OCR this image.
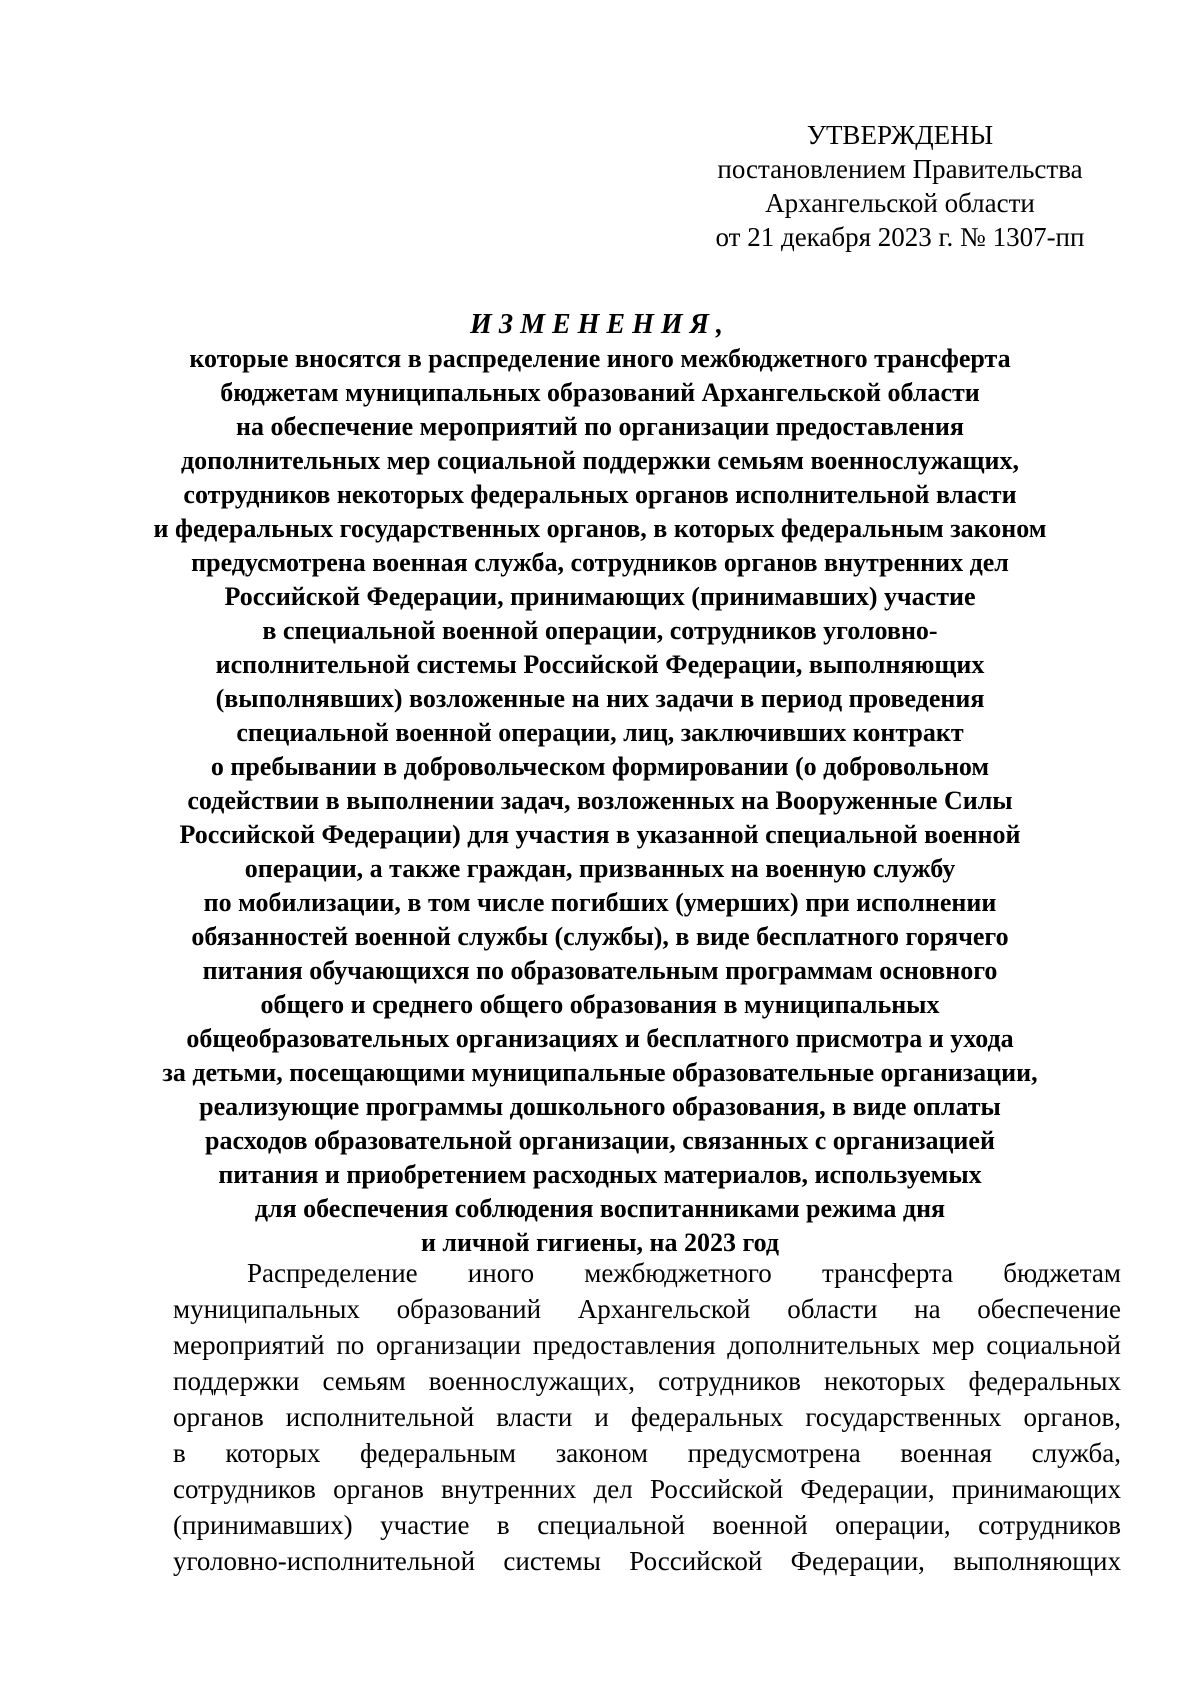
УТВЕРЖДЕНЫ
постановлением Правительства
Архангельской области
от 21 декабря 2023 г. № 1307-пп
ИЗМЕНЕНИЯ,
которые вносятся в распределение иного межбюджетного трансферта
бюджетам муниципальных образований Архангельской области
на обеспечение мероприятий по организации предоставления
дополнительных мер социальной поддержки семьям военнослужащих,
сотрудников некоторых федеральных органов исполнительной власти
и федеральных государственных органов, в которых федеральным законом
предусмотрена военная служба, сотрудников органов внутренних дел
Российской Федерации, принимающих (принимавших) участие
в специальной военной операции, сотрудников уголовно-
исполнительной системы Российской Федерации, выполняющих
(выполнявших) возложенные на них задачи в период проведения
специальной военной операции, лиц, заключивших контракт
о пребывании в добровольческом формировании (о добровольном
содействии в выполнении задач, возложенных на Вооруженные Силы
Российской Федерации) для участия в указанной специальной военной
операции, а также граждан, призванных на военную службу
по мобилизации, в том числе погибших (умерших) при исполнении
обязанностей военной службы (службы), в виде бесплатного горячего
питания обучающихся по образовательным программам основного
общего и среднего общего образования в муниципальных
общеобразовательных организациях и бесплатного присмотра и ухода
за детьми, посещающими муниципальные образовательные организации,
реализующие программы дошкольного образования, в виде оплаты
расходов образовательной организации, связанных с организацией
питания и приобретением расходных материалов, используемых
для обеспечения соблюдения воспитанниками режима дня
и личной гигиены, на 2023 год
Распределение иного межбюджетного трансферта бюджетам
муниципальных образований Архангельской области на обеспечение
мероприятий по организации предоставления дополнительных мер социальной
поддержки семьям военнослужащих, сотрудников некоторых федеральных
органов исполнительной власти и федеральных государственных органов,
в которых федеральным законом предусмотрена военная служба,
сотрудников органов внутренних дел Российской Федерации, принимающих
(принимавших) участие в специальной военной операции, сотрудников
уголовно-исполнительной системы Российской Федерации, выполняющих
